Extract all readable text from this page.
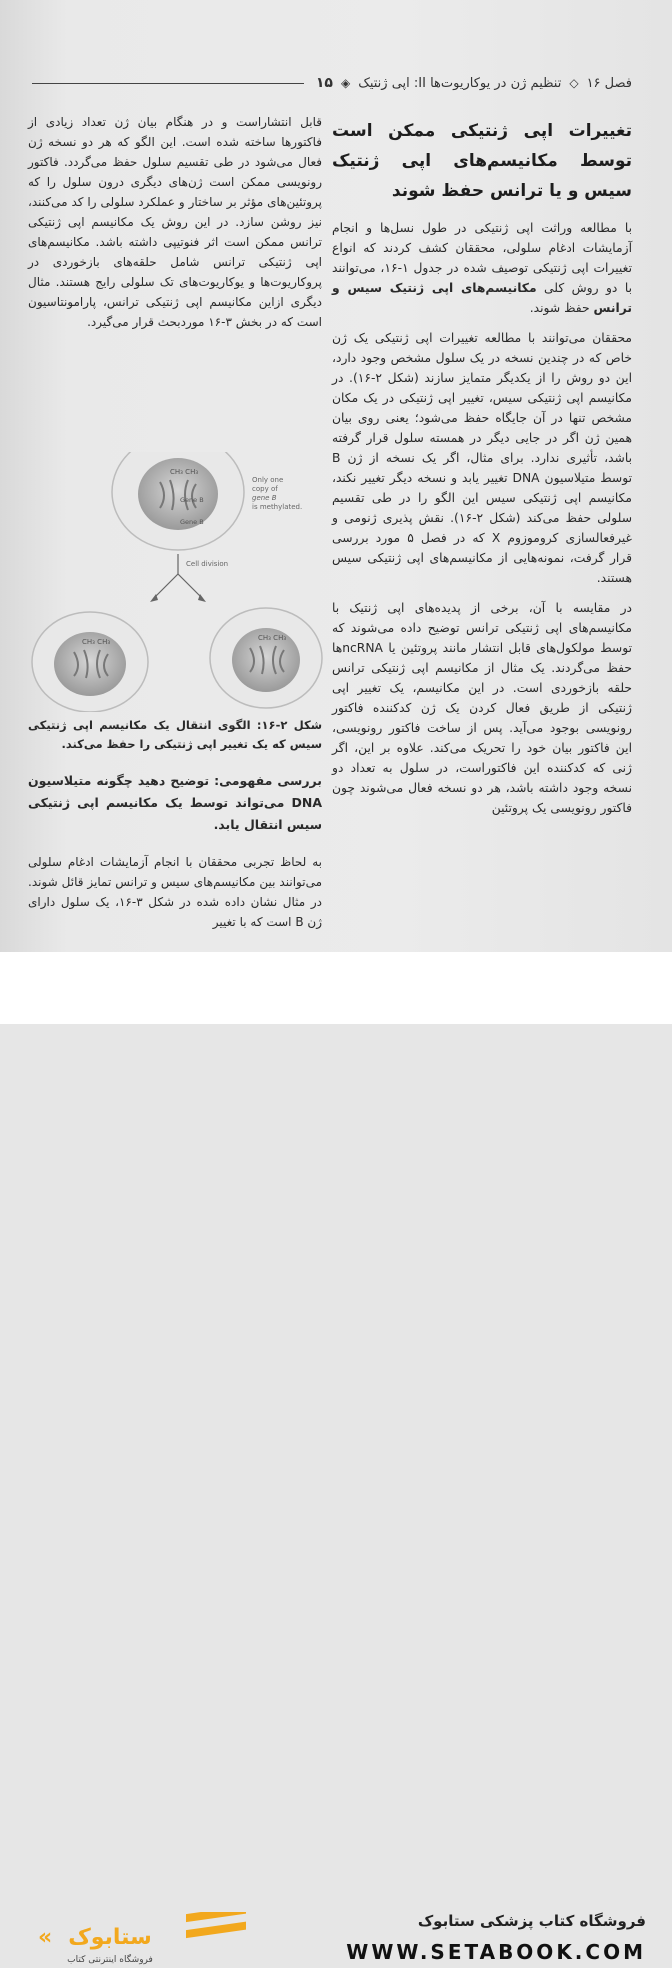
فصل ۱۶
◇
تنظیم ژن در یوکاریوت‌ها II: اپی ژنتیک
◈
۱۵
تغییرات اپی ژنتیکی ممکن است توسط مکانیسم‌های اپی ژنتیک سیس و یا ترانس حفظ شوند

با مطالعه وراثت اپی ژنتیکی در طول نسل‌ها و انجام آزمایشات ادغام سلولی، محققان کشف کردند که انواع تغییرات اپی ژنتیکی توصیف شده در جدول ۱-۱۶، می‌توانند با دو روش کلی مکانیسم‌های اپی ژنتیک سیس و ترانس حفظ شوند.

محققان می‌توانند با مطالعه تغییرات اپی ژنتیکی یک ژن خاص که در چندین نسخه در یک سلول مشخص وجود دارد، این دو روش را از یکدیگر متمایز سازند (شکل ۲-۱۶). در مکانیسم اپی ژنتیکی سیس، تغییر اپی ژنتیکی در یک مکان مشخص تنها در آن جایگاه حفظ می‌شود؛ یعنی روی بیان همین ژن اگر در جایی دیگر در همسته سلول قرار گرفته باشد، تأثیری ندارد. برای مثال، اگر یک نسخه از ژن B توسط متیلاسیون DNA تغییر یابد و نسخه دیگر تغییر نکند، مکانیسم اپی ژنتیکی سیس این الگو را در طی تقسیم سلولی حفظ می‌کند (شکل ۲-۱۶). نقش پذیری ژنومی و غیرفعالسازی کروموزوم X که در فصل ۵ مورد بررسی قرار گرفت، نمونه‌هایی از مکانیسم‌های اپی ژنتیکی سیس هستند.

در مقایسه با آن، برخی از پدیده‌های اپی ژنتیک با مکانیسم‌های اپی ژنتیکی ترانس توضیح داده می‌شوند که توسط مولکول‌های قابل انتشار مانند پروتئین یا ncRNAها حفظ می‌گردند. یک مثال از مکانیسم اپی ژنتیکی ترانس حلقه بازخوردی است. در این مکانیسم، یک تغییر اپی ژنتیکی از طریق فعال کردن یک ژن کدکننده فاکتور رونویسی بوجود می‌آید. پس از ساخت فاکتور رونویسی، این فاکتور بیان خود را تحریک می‌کند. علاوه بر این، اگر ژنی که کدکننده این فاکتوراست، در سلول به تعداد دو نسخه وجود داشته باشد، هر دو نسخه فعال می‌شوند چون فاکتور رونویسی یک پروتئین

قابل انتشاراست و در هنگام بیان ژن تعداد زیادی از فاکتورها ساخته شده است. این الگو که هر دو نسخه ژن فعال می‌شود در طی تقسیم سلول حفظ می‌گردد. فاکتور رونویسی ممکن است ژن‌های دیگری درون سلول را که پروتئین‌های مؤثر بر ساختار و عملکرد سلولی را کد می‌کنند، نیز روشن سازد. در این روش یک مکانیسم اپی ژنتیکی ترانس ممکن است اثر فنوتیپی داشته باشد. مکانیسم‌های اپی ژنتیکی ترانس شامل حلقه‌های بازخوردی در پروکاریوت‌ها و یوکاریوت‌های تک سلولی رایج هستند. مثال دیگری ازاین مکانیسم اپی ژنتیکی ترانس، پارامونتاسیون است که در بخش ۳-۱۶ موردبحث قرار می‌گیرد.

CH₃ CH₃
Gene B
Gene B
Only one
copy of
gene B
is methylated.
Cell division
CH₃ CH₃	CH₃ CH₃
شکل ۲-۱۶: الگوی انتقال یک مکانیسم اپی ژنتیکی سیس که یک تغییر اپی ژنتیکی را حفظ می‌کند.
بررسی مفهومی: توضیح دهید چگونه متیلاسیون DNA می‌تواند توسط یک مکانیسم اپی ژنتیکی سیس انتقال یابد.
به لحاظ تجربی محققان با انجام آزمایشات ادغام سلولی می‌توانند بین مکانیسم‌های سیس و ترانس تمایز قائل شوند. در مثال نشان داده شده در شکل ۳-۱۶، یک سلول دارای ژن B است که با تغییر
ستابوک
فروشگاه اینترنتی کتاب
«
فروشگاه کتاب پزشکی ستابوک
WWW.SETABOOK.COM
